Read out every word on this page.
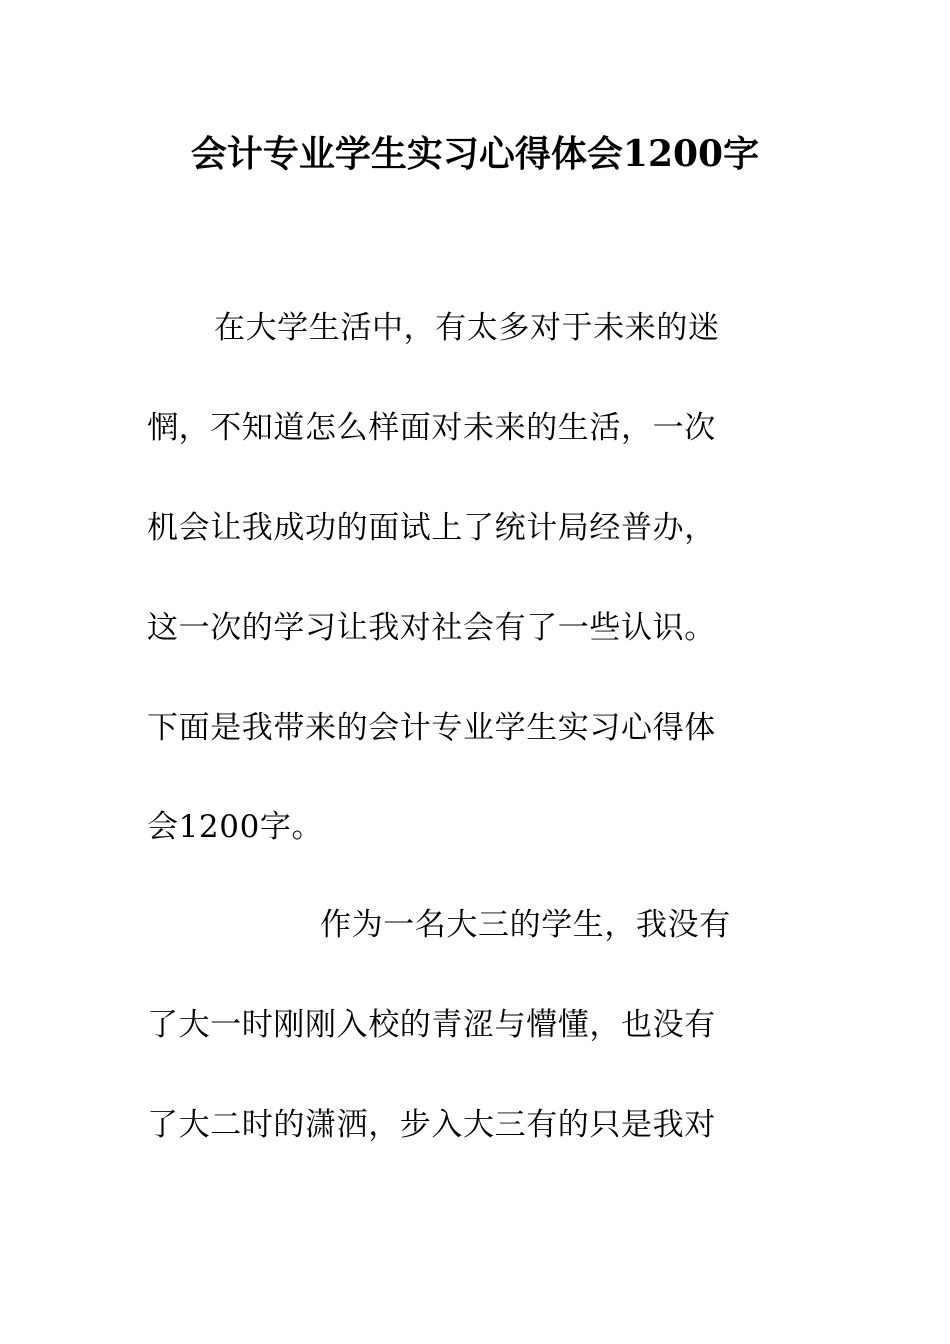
会计专业学生实习心得体会1200字
在大学生活中，有太多对于未来的迷
惘，不知道怎么样面对未来的生活，一次
机会让我成功的面试上了统计局经普办，
这一次的学习让我对社会有了一些认识。
下面是我带来的会计专业学生实习心得体
会1200字。
作为一名大三的学生，我没有
了大一时刚刚入校的青涩与懵懂，也没有
了大二时的潇洒，步入大三有的只是我对
